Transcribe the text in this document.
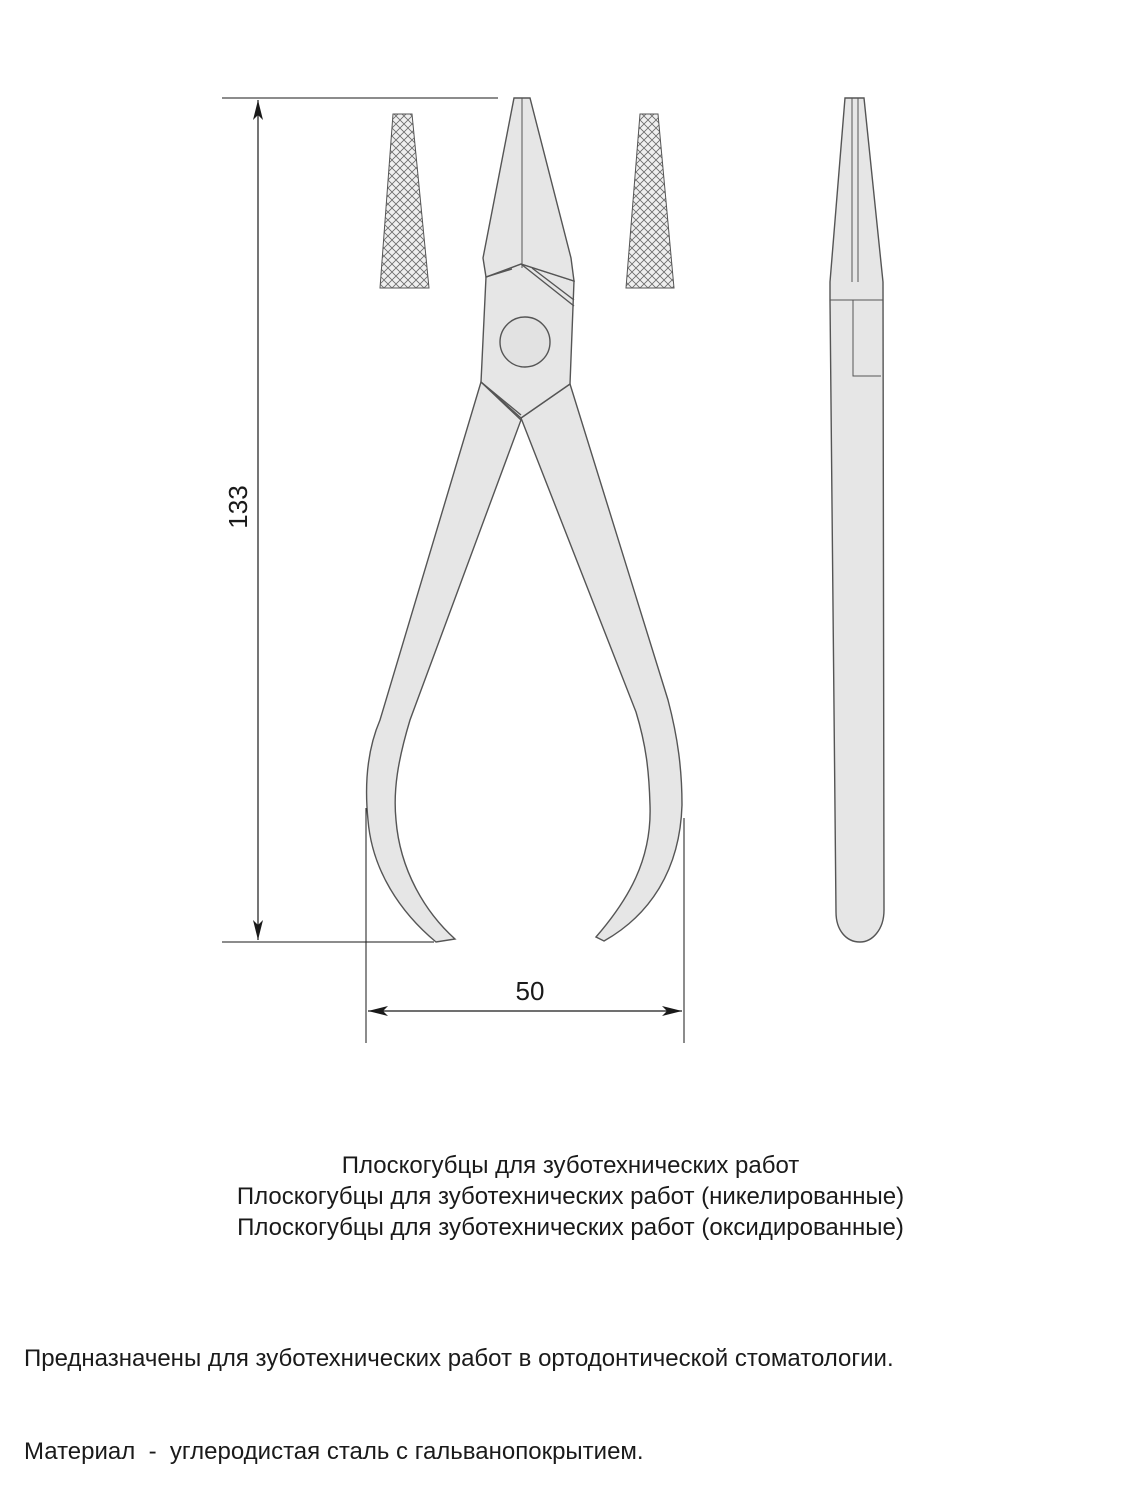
133
50
Плоскогубцы для зуботехнических работ
Плоскогубцы для зуботехнических работ (никелированные)
Плоскогубцы для зуботехнических работ (оксидированные)

Предназначены для зуботехнических работ в ортодонтической стоматологии.

Материал  -  углеродистая сталь с гальванопокрытием.
